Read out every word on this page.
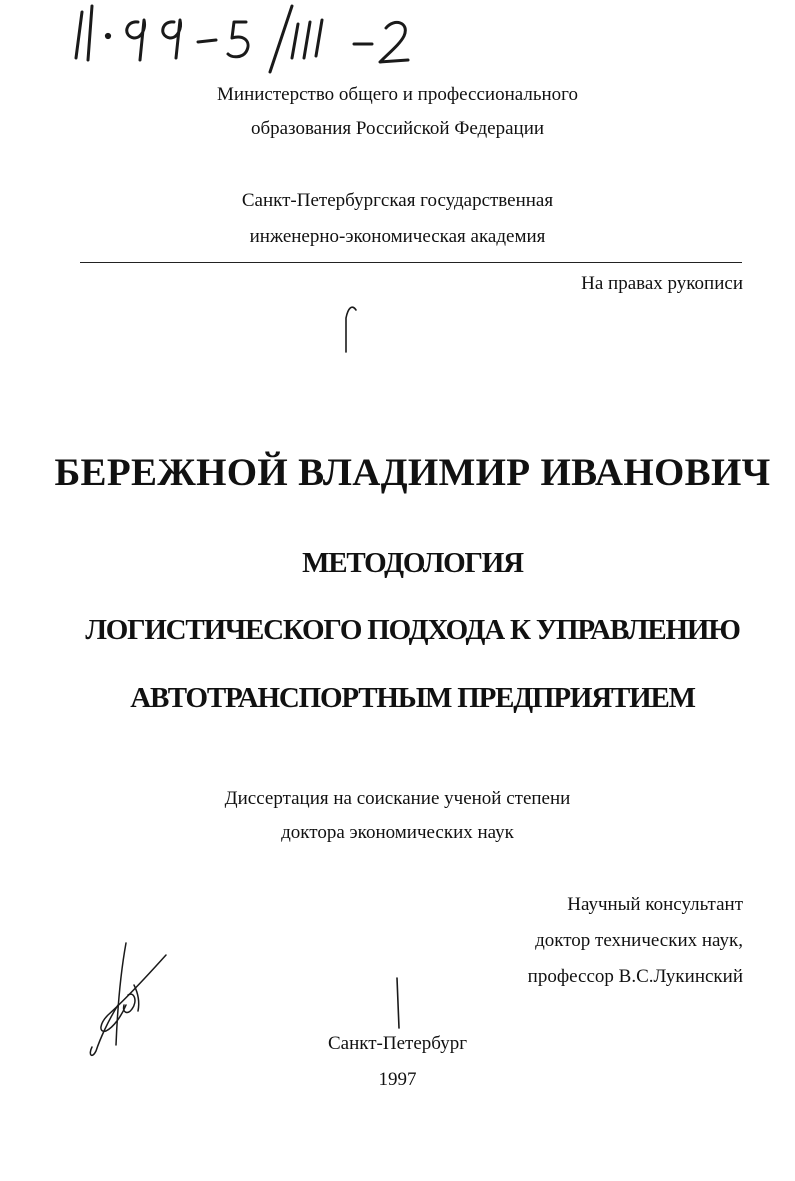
Министерство общего и профессионального
образования Российской Федерации
Санкт-Петербургская государственная
инженерно-экономическая академия
На правах рукописи
БЕРЕЖНОЙ ВЛАДИМИР ИВАНОВИЧ
МЕТОДОЛОГИЯ
ЛОГИСТИЧЕСКОГО ПОДХОДА К УПРАВЛЕНИЮ
АВТОТРАНСПОРТНЫМ ПРЕДПРИЯТИЕМ
Диссертация на соискание ученой степени
доктора экономических наук
Научный консультант
доктор технических наук,
профессор В.С.Лукинский
Санкт-Петербург
1997
